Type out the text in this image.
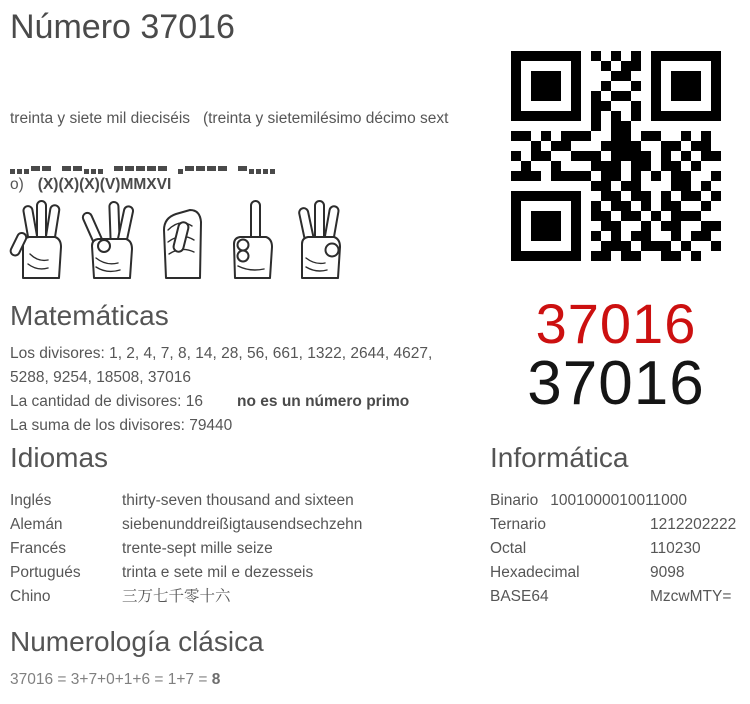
Número 37016

treinta y siete mil dieciséis   (treinta y sietemilésimo décimo sext

o) (X)(X)(X)(V)MMXVI

Matemáticas
Los divisores: 1, 2, 4, 7, 8, 14, 28, 56, 661, 1322, 2644, 4627, 5288, 9254, 18508, 37016
La cantidad de divisores: 16 no es un número primo
La suma de los divisores: 79440
37016
37016
Idiomas
Inglés	thirty-seven thousand and sixteen
Alemán	siebenunddreißigtausendsechzehn
Francés	trente-sept mille seize
Portugués	trinta e sete mil e dezesseis
Chino	三万七千零十六
Informática
Binario 1001000010011000
Ternario	1212202222
Octal	110230
Hexadecimal	9098
BASE64	MzcwMTY=
Numerología clásica
37016 = 3+7+0+1+6 = 1+7 = 8
